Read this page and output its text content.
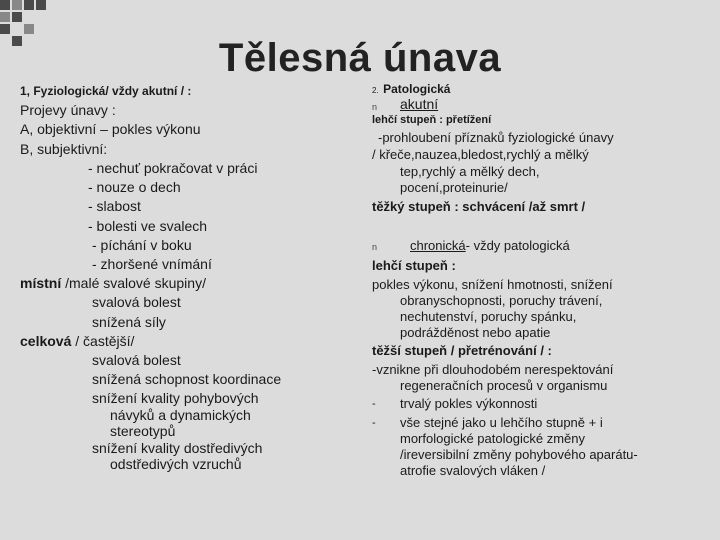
Tělesná únava
1, Fyziologická/ vždy akutní / :
Projevy únavy :
A, objektivní – pokles výkonu
B, subjektivní:
- nechuť pokračovat v práci
- nouze o dech
- slabost
- bolesti ve svalech
- píchání v boku
- zhoršené vnímání
místní /malé svalové skupiny/
svalová bolest
snížená síly
celková / častější/
svalová bolest
snížená schopnost koordinace
snížení kvality pohybových
návyků a dynamických
stereotypů
snížení kvality dostředivých
odstředivých vzruchů
2. Patologická
n akutní
lehčí stupeň : přetížení
-prohloubení příznaků fyziologické únavy
/ křeče,nauzea,bledost,rychlý a mělký
tep,rychlý a mělký dech,
pocení,proteinurie/
těžký stupeň : schvácení /až smrt /
n	chronická- vždy patologická
lehčí stupeň :
pokles výkonu, snížení hmotnosti, snížení
obranyschopnosti, poruchy trávení,
nechutenství, poruchy spánku,
podrážděnost nebo apatie
těžší stupeň / přetrénování / :
-vznikne při dlouhodobém nerespektování
regeneračních procesů v organismu
- trvalý pokles výkonnosti
- vše stejné jako u lehčího stupně + i
morfologické patologické změny
/ireversibilní změny pohybového aparátu-
atrofie svalových vláken /
